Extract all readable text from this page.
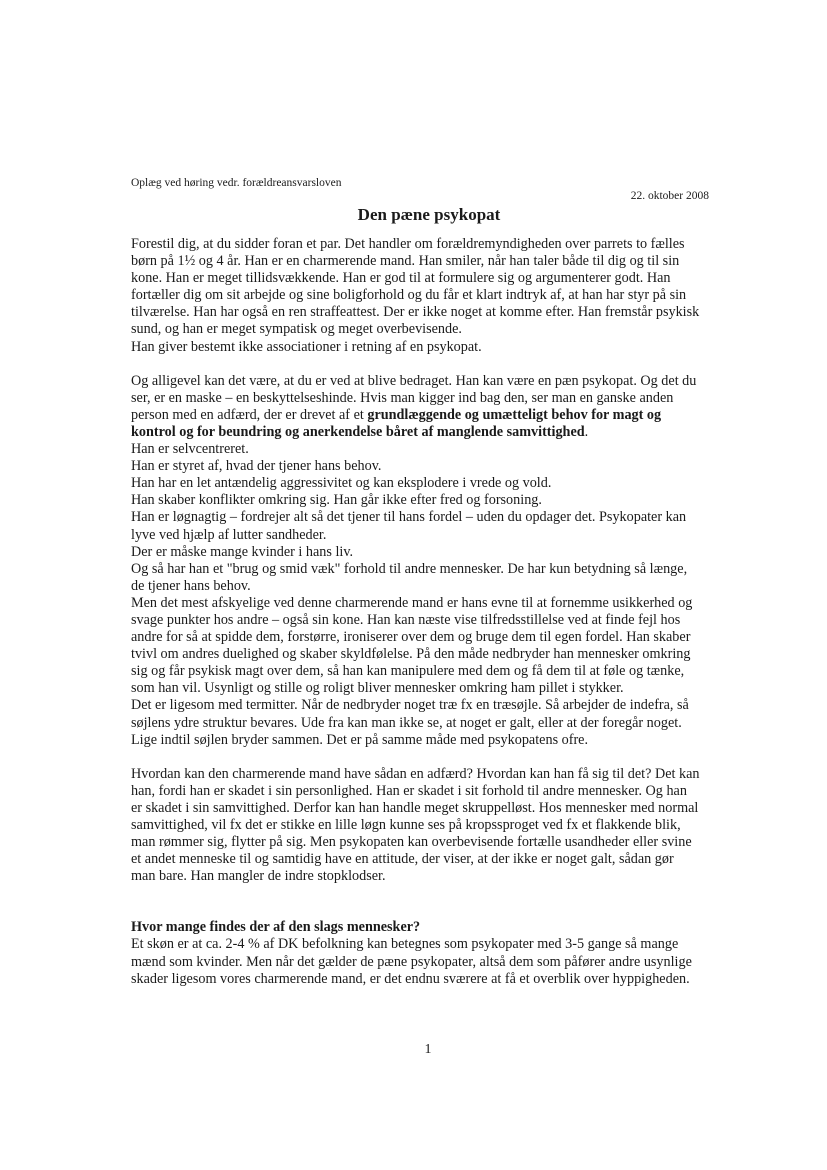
Oplæg ved høring vedr. forældreansvarsloven
22. oktober 2008
Den pæne psykopat

Forestil dig, at du sidder foran et par. Det handler om forældremyndigheden over parrets to fælles

børn på 1½ og 4 år. Han er en charmerende mand. Han smiler, når han taler både til dig og til sin

kone. Han er meget tillidsvækkende. Han er god til at formulere sig og argumenterer godt. Han

fortæller dig om sit arbejde og sine boligforhold og du får et klart indtryk af, at han har styr på sin

tilværelse. Han har også en ren straffeattest. Der er ikke noget at komme efter. Han fremstår psykisk

sund, og han er meget sympatisk og meget overbevisende.

Han giver bestemt ikke associationer i retning af en psykopat.

Og alligevel kan det være, at du er ved at blive bedraget. Han kan være en pæn psykopat. Og det du

ser, er en maske – en beskyttelseshinde. Hvis man kigger ind bag den, ser man en ganske anden

person med en adfærd, der er drevet af et grundlæggende og umætteligt behov for magt og

kontrol og for beundring og anerkendelse båret af manglende samvittighed.

Han er selvcentreret.

Han er styret af, hvad der tjener hans behov.

Han har en let antændelig aggressivitet og kan eksplodere i vrede og vold.

Han skaber konflikter omkring sig. Han går ikke efter fred og forsoning.

Han er løgnagtig – fordrejer alt så det tjener til hans fordel – uden du opdager det. Psykopater kan

lyve ved hjælp af lutter sandheder.

Der er måske mange kvinder i hans liv.

Og så har han et "brug og smid væk" forhold til andre mennesker. De har kun betydning så længe,

de tjener hans behov.

Men det mest afskyelige ved denne charmerende mand er hans evne til at fornemme usikkerhed og

svage punkter hos andre – også sin kone. Han kan næste vise tilfredsstillelse ved at finde fejl hos

andre for så at spidde dem, forstørre, ironiserer over dem og bruge dem til egen fordel. Han skaber

tvivl om andres duelighed og skaber skyldfølelse. På den måde nedbryder han mennesker omkring

sig og får psykisk magt over dem, så han kan manipulere med dem og få dem til at føle og tænke,

som han vil. Usynligt og stille og roligt bliver mennesker omkring ham pillet i stykker.

Det er ligesom med termitter. Når de nedbryder noget træ fx en træsøjle. Så arbejder de indefra, så

søjlens ydre struktur bevares. Ude fra kan man ikke se, at noget er galt, eller at der foregår noget.

Lige indtil søjlen bryder sammen. Det er på samme måde med psykopatens ofre.

Hvordan kan den charmerende mand have sådan en adfærd? Hvordan kan han få sig til det? Det kan

han, fordi han er skadet i sin personlighed. Han er skadet i sit forhold til andre mennesker. Og han

er skadet i sin samvittighed. Derfor kan han handle meget skruppelløst. Hos mennesker med normal

samvittighed, vil fx det er stikke en lille løgn kunne ses på kropssproget ved fx et flakkende blik,

man rømmer sig, flytter på sig. Men psykopaten kan overbevisende fortælle usandheder eller svine

et andet menneske til og samtidig have en attitude, der viser, at der ikke er noget galt, sådan gør

man bare. Han mangler de indre stopklodser.

Hvor mange findes der af den slags mennesker?

Et skøn er at ca. 2-4 % af DK befolkning kan betegnes som psykopater med 3-5 gange så mange

mænd som kvinder. Men når det gælder de pæne psykopater, altså dem som påfører andre usynlige

skader ligesom vores charmerende mand, er det endnu sværere at få et overblik over hyppigheden.

1
